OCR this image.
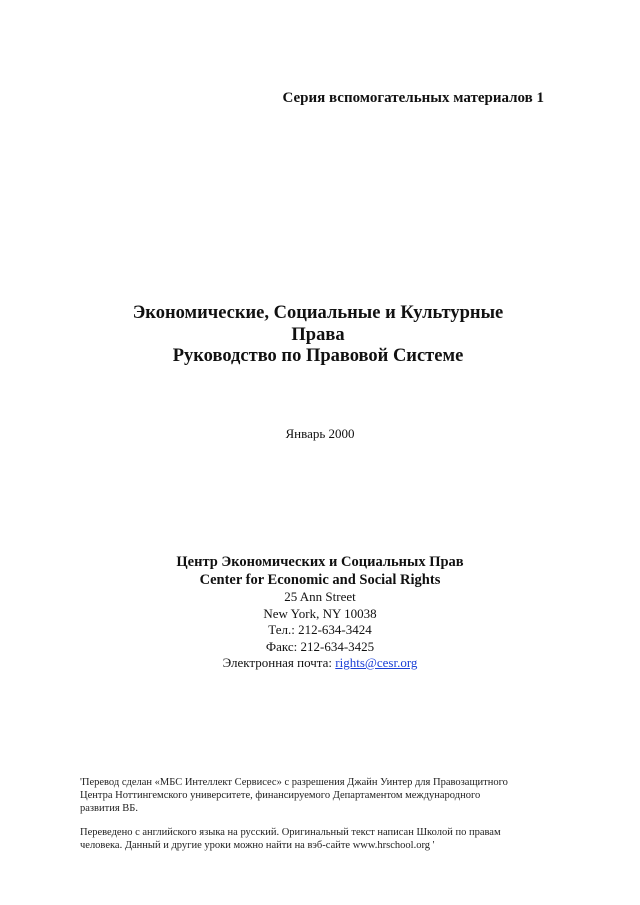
Серия вспомогательных материалов 1
Экономические, Социальные и Культурные
Права
Руководство по Правовой Системе
Январь 2000
Центр Экономических и Социальных Прав
Center for Economic and Social Rights
25 Ann Street
New York, NY 10038
Тел.: 212-634-3424
Факс: 212-634-3425
Электронная почта: rights@cesr.org
'Перевод сделан «МБС Интеллект Сервисес» с разрешения Джайн Уинтер для Правозащитного
Центра Ноттингемского университете, финансируемого Департаментом международного
развития ВБ.
Переведено с английского языка на русский. Оригинальный текст написан Школой по правам
человека. Данный и другие уроки можно найти на вэб-сайте www.hrschool.org '
